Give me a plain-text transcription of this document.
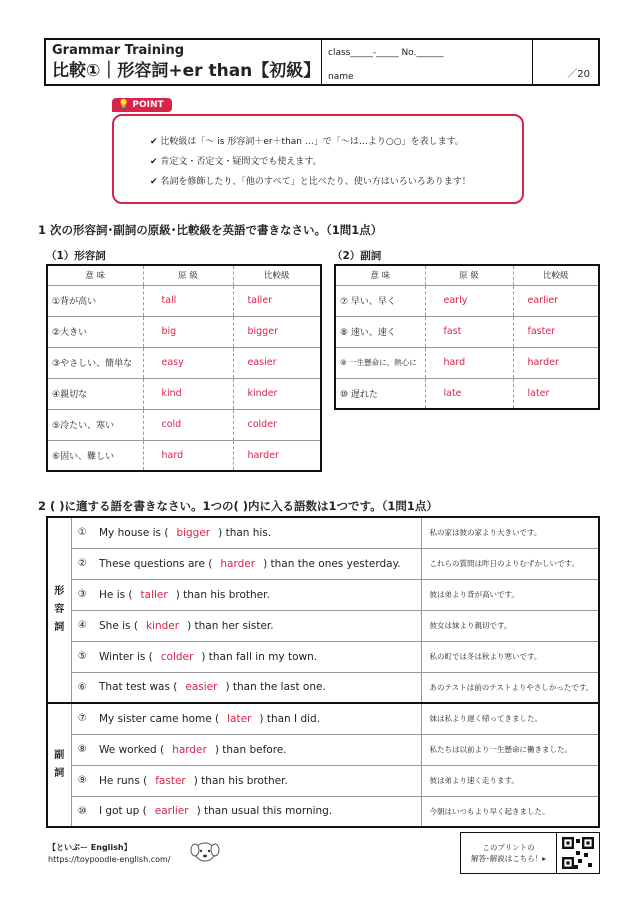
Grammar Training
比較①｜形容詞+er than【初級】
class_____-_____ No.______
name	／20
💡 POINT
✔ 比較級は「～ is 形容詞＋er＋than …」で「～は…より○○」を表します。
✔ 肯定文・否定文・疑問文でも使えます。
✔ 名詞を修飾したり、「他のすべて」と比べたり、使い方はいろいろあります！
1 次の形容詞･副詞の原級･比較級を英語で書きなさい。（1問1点）
（1）形容詞	（2）副詞
意 味	原 級	比較級
①背が高い	tall	taller
②大きい	big	bigger
③やさしい、簡単な	easy	easier
④親切な	kind	kinder
⑤冷たい、寒い	cold	colder
⑥固い、難しい	hard	harder
意 味	原 級	比較級
⑦ 早い、早く	early	earlier
⑧ 速い、速く	fast	faster
⑨ 一生懸命に、熱心に	hard	harder
⑩ 遅れた	late	later
2 ( )に適する語を書きなさい。1つの( )内に入る語数は1つです。（1問1点）
形
容
詞	①	My house is ( bigger ) than his.	私の家は彼の家より大きいです。
	②	These questions are ( harder ) than the ones yesterday.	これらの質問は昨日のよりむずかしいです。
	③	He is ( taller ) than his brother.	彼は弟より背が高いです。
	④	She is ( kinder ) than her sister.	彼女は妹より親切です。
	⑤	Winter is ( colder ) than fall in my town.	私の町では冬は秋より寒いです。
	⑥	That test was ( easier ) than the last one.	あのテストは前のテストよりやさしかったです。
副
詞	⑦	My sister came home ( later ) than I did.	妹は私より遅く帰ってきました。
	⑧	We worked ( harder ) than before.	私たちは以前より一生懸命に働きました。
	⑨	He runs ( faster ) than his brother.	彼は弟より速く走ります。
	⑩	I got up ( earlier ) than usual this morning.	今朝はいつもより早く起きました。
【といぷー English】
https://toypoodle-english.com/
このプリントの
解答･解説はこちら！▸
